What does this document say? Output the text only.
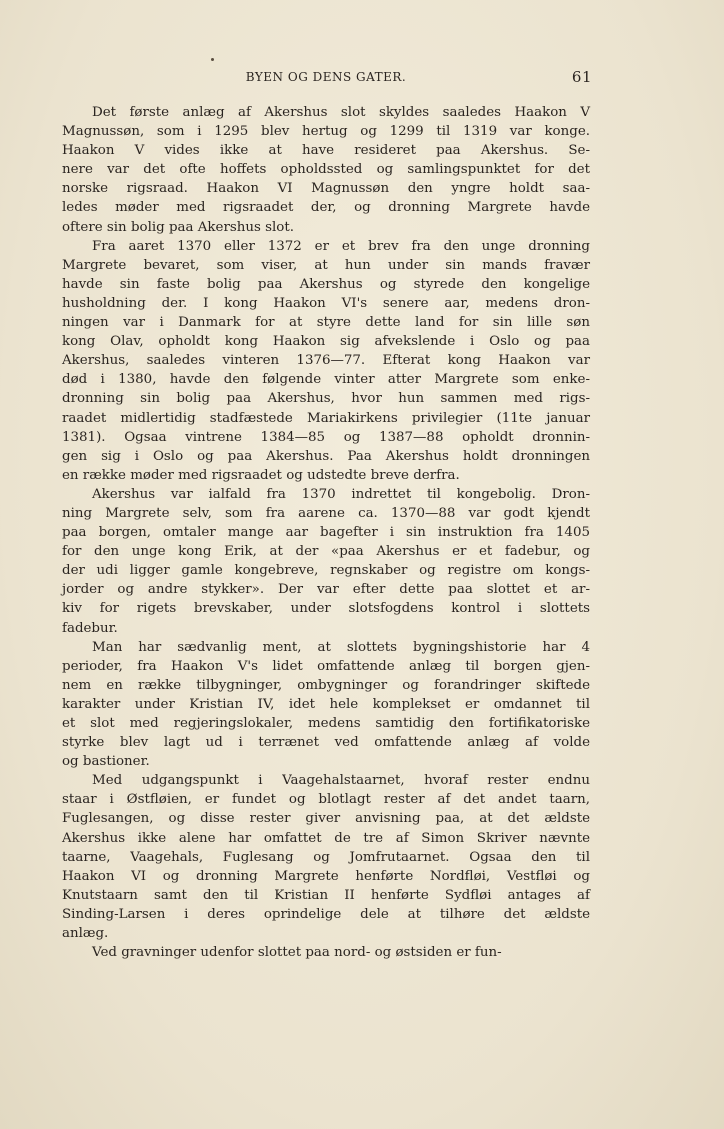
BYEN OG DENS GATER.	61

Det første anlæg af Akershus slot skyldes saaledes Haakon V
Magnussøn, som i 1295 blev hertug og 1299 til 1319 var konge.
Haakon V vides ikke at have resideret paa Akershus. Se-
nere var det ofte hoffets opholdssted og samlingspunktet for det
norske rigsraad. Haakon VI Magnussøn den yngre holdt saa-
ledes møder med rigsraadet der, og dronning Margrete havde
oftere sin bolig paa Akershus slot.

Fra aaret 1370 eller 1372 er et brev fra den unge dronning
Margrete bevaret, som viser, at hun under sin mands fravær
havde sin faste bolig paa Akershus og styrede den kongelige
husholdning der. I kong Haakon VI's senere aar, medens dron-
ningen var i Danmark for at styre dette land for sin lille søn
kong Olav, opholdt kong Haakon sig afvekslende i Oslo og paa
Akershus, saaledes vinteren 1376—77. Efterat kong Haakon var
død i 1380, havde den følgende vinter atter Margrete som enke-
dronning sin bolig paa Akershus, hvor hun sammen med rigs-
raadet midlertidig stadfæstede Mariakirkens privilegier (11te januar
1381). Ogsaa vintrene 1384—85 og 1387—88 opholdt dronnin-
gen sig i Oslo og paa Akershus. Paa Akershus holdt dronningen
en række møder med rigsraadet og udstedte breve derfra.

Akershus var ialfald fra 1370 indrettet til kongebolig. Dron-
ning Margrete selv, som fra aarene ca. 1370—88 var godt kjendt
paa borgen, omtaler mange aar bagefter i sin instruktion fra 1405
for den unge kong Erik, at der «paa Akershus er et fadebur, og
der udi ligger gamle kongebreve, regnskaber og registre om kongs-
jorder og andre stykker». Der var efter dette paa slottet et ar-
kiv for rigets brevskaber, under slotsfogdens kontrol i slottets
fadebur.

Man har sædvanlig ment, at slottets bygningshistorie har 4
perioder, fra Haakon V's lidet omfattende anlæg til borgen gjen-
nem en række tilbygninger, ombygninger og forandringer skiftede
karakter under Kristian IV, idet hele komplekset er omdannet til
et slot med regjeringslokaler, medens samtidig den fortifikatoriske
styrke blev lagt ud i terrænet ved omfattende anlæg af volde
og bastioner.

Med udgangspunkt i Vaagehalstaarnet, hvoraf rester endnu
staar i Østfløien, er fundet og blotlagt rester af det andet taarn,
Fuglesangen, og disse rester giver anvisning paa, at det ældste
Akershus ikke alene har omfattet de tre af Simon Skriver nævnte
taarne, Vaagehals, Fuglesang og Jomfrutaarnet. Ogsaa den til
Haakon VI og dronning Margrete henførte Nordfløi, Vestfløi og
Knutstaarn samt den til Kristian II henførte Sydfløi antages af
Sinding-Larsen i deres oprindelige dele at tilhøre det ældste
anlæg.

Ved gravninger udenfor slottet paa nord- og østsiden er fun-
